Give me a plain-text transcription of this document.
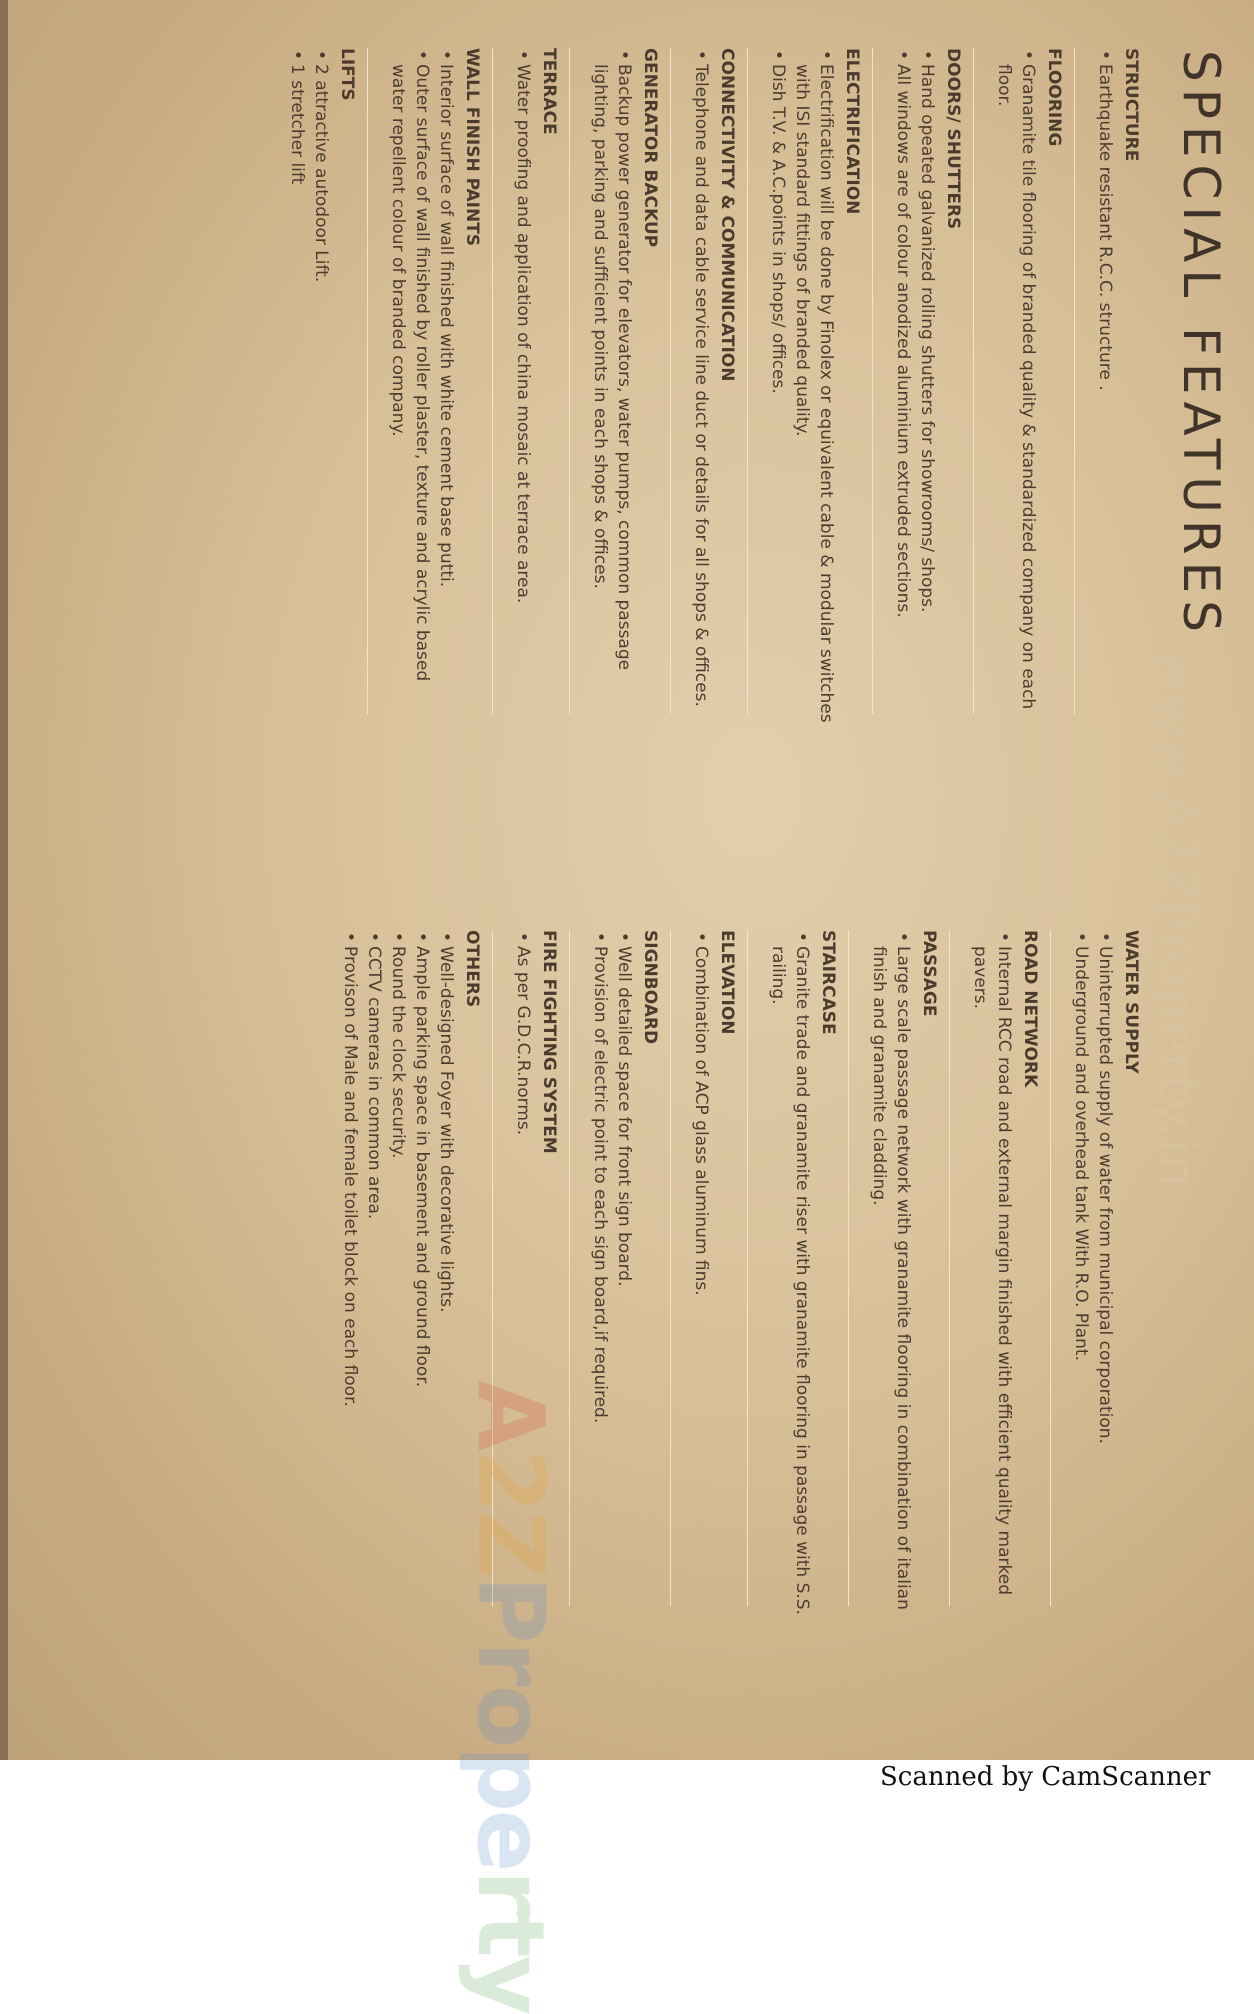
www.A2ZProperty.in
SPECIAL FEATURES
STRUCTURE

•Earthquake resistant R.C.C. structure .

FLOORING

•Granamite tile flooring of branded quality & standardized company on each floor.

DOORS/ SHUTTERS

•Hand opeated galvanized rolling shutters for showrooms/ shops.

•All windows are of colour anodized aluminium extruded sections.

ELECTRIFICATION

•Electrification will be done by Finolex or equivalent cable & modular switches with ISI standard fittings of branded quality.

•Dish T.V. & A.C.points in shops/ offices.

CONNECTIVITY & COMMUNICATION

•Telephone and data cable service line duct or details for all shops & offices.

GENERATOR BACKUP

•Backup power generator for elevators, water pumps, common passage lighting, parking and sufficient points in each shops & offices.

TERRACE

•Water proofing and application of china mosaic at terrace area.

WALL FINISH PAINTS

•Interior surface of wall finished with white cement base putti.

•Outer surface of wall finished by roller plaster, texture and acrylic based water repellent colour of branded company.

LIFTS

•2 attractive autodoor Lift.

•1 stretcher lift

WATER SUPPLY

•Uninterrupted supply of water from municipal corporation.

•Underground and overhead tank With R.O. Plant.

ROAD NETWORK

•Internal RCC road and external margin finished with efficient quality marked pavers.

PASSAGE

•Large scale passage network with granamite flooring in combination of italian finish and granamite cladding.

STAIRCASE

•Granite trade and granamite riser with granamite flooring in passage with S.S. railing.

ELEVATION

•Combination of ACP glass aluminum fins.

SIGNBOARD

•Well detailed space for front sign board.

•Provision of electric point to each sign board,if required.

FIRE FIGHTING SYSTEM

•As per G.D.C.R.norms.

OTHERS

•Well-designed Foyer with decorative lights.

•Ample parking space in basement and ground floor.

•Round the clock security.

•CCTV cameras in common area.

•Provison of Male and female toilet block on each floor.

A2ZProperty
Scanned by CamScanner
